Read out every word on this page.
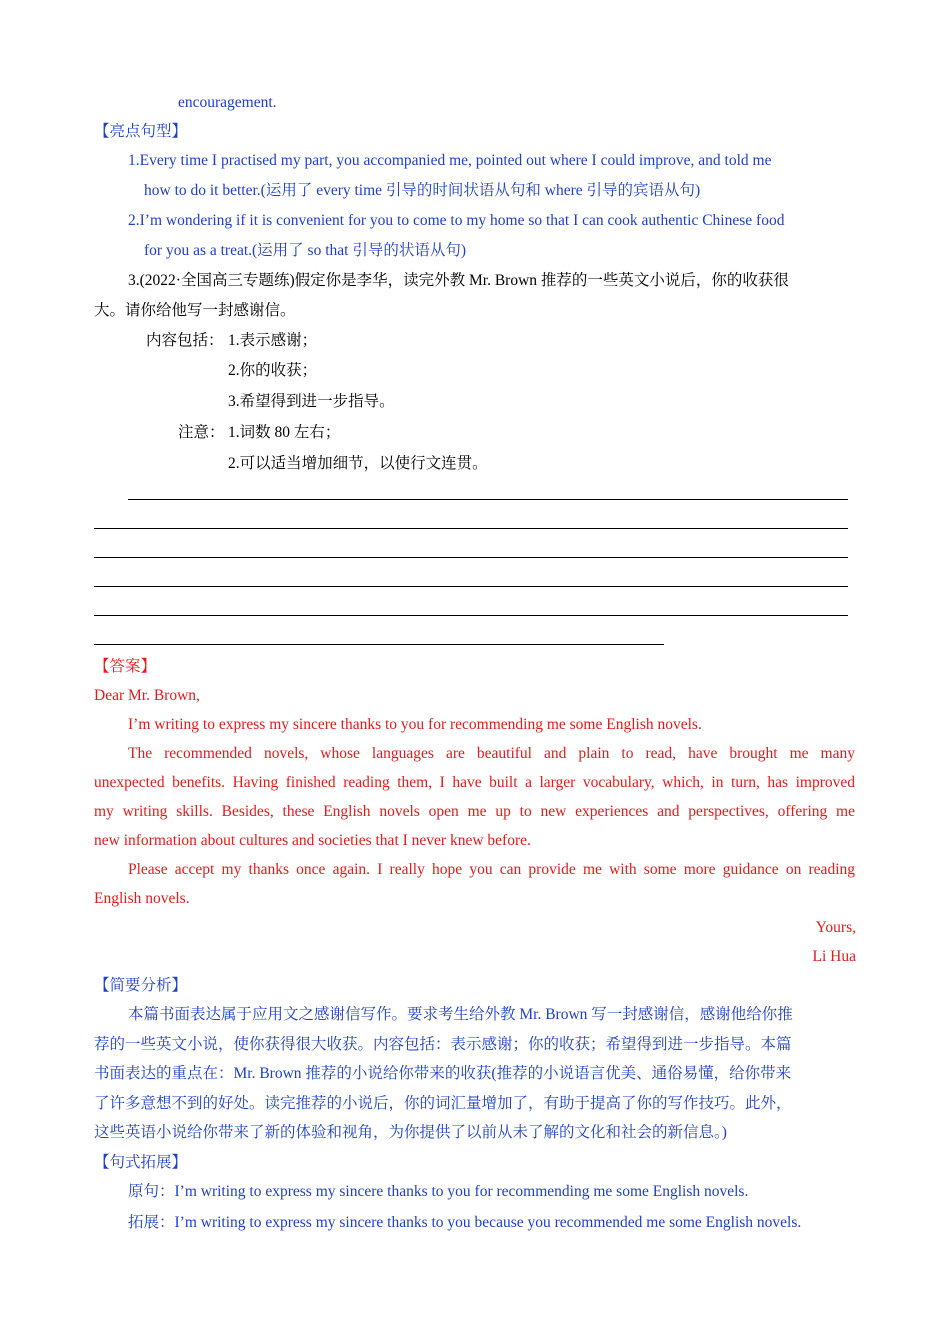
encouragement.
【亮点句型】
1.Every time I practised my part, you accompanied me, pointed out where I could improve, and told me
how to do it better.(运用了 every time 引导的时间状语从句和 where 引导的宾语从句)
2.I’m wondering if it is convenient for you to come to my home so that I can cook authentic Chinese food
for you as a treat.(运用了 so that 引导的状语从句)
3.(2022·全国高三专题练)假定你是李华，读完外教 Mr. Brown 推荐的一些英文小说后，你的收获很
大。请你给他写一封感谢信。
内容包括： 1.表示感谢；
2.你的收获；
3.希望得到进一步指导。
注意： 1.词数 80 左右；
2.可以适当增加细节，以使行文连贯。
【答案】
Dear Mr. Brown,
I’m writing to express my sincere thanks to you for recommending me some English novels.
The recommended novels, whose languages are beautiful and plain to read, have brought me many
unexpected benefits. Having finished reading them, I have built a larger vocabulary, which, in turn, has improved
my writing skills. Besides, these English novels open me up to new experiences and perspectives, offering me
new information about cultures and societies that I never knew before.
Please accept my thanks once again. I really hope you can provide me with some more guidance on reading
English novels.
Yours,
Li Hua
【简要分析】
本篇书面表达属于应用文之感谢信写作。要求考生给外教 Mr. Brown 写一封感谢信，感谢他给你推
荐的一些英文小说，使你获得很大收获。内容包括：表示感谢；你的收获；希望得到进一步指导。本篇
书面表达的重点在：Mr. Brown 推荐的小说给你带来的收获(推荐的小说语言优美、通俗易懂，给你带来
了许多意想不到的好处。读完推荐的小说后，你的词汇量增加了，有助于提高了你的写作技巧。此外，
这些英语小说给你带来了新的体验和视角，为你提供了以前从未了解的文化和社会的新信息。)
【句式拓展】
原句：I’m writing to express my sincere thanks to you for recommending me some English novels.
拓展：I’m writing to express my sincere thanks to you because you recommended me some English novels.
